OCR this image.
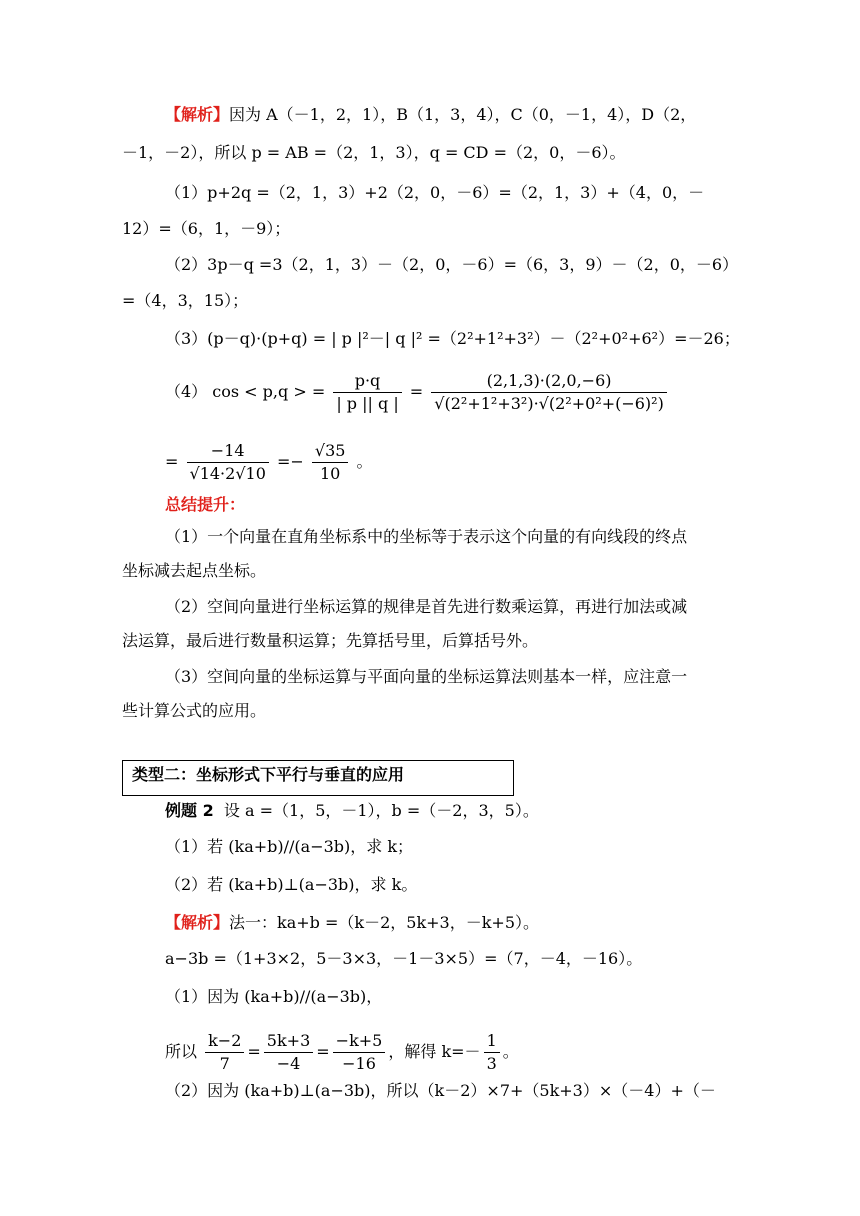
【解析】因为 A（－1，2，1），B（1，3，4），C（0，－1，4），D（2，
－1，－2），所以 p = AB =（2，1，3），q = CD =（2，0，－6）。
（1）p+2q =（2，1，3）+2（2，0，－6）=（2，1，3）+（4，0，－
12）=（6，1，－9）；
（2）3p－q =3（2，1，3）－（2，0，－6）=（6，3，9）－（2，0，－6）
=（4，3，15）；
（3）(p－q)·(p+q) = | p |²－| q |² =（2²+1²+3²）－（2²+0²+6²）=－26；
（4） cos < p,q > = $\frac{p\cdot q}{| p || q |} = \frac{(2,1,3)\cdot(2,0,-6)}{\text{√(2²+1²+3²)·√(2²+0²+(−6)²)}}$
= $\frac{-14}{√14\cdot 2√10} =- \frac{√35}{10}$ 。
总结提升：
（1）一个向量在直角坐标系中的坐标等于表示这个向量的有向线段的终点
坐标减去起点坐标。
（2）空间向量进行坐标运算的规律是首先进行数乘运算，再进行加法或减
法运算，最后进行数量积运算；先算括号里，后算括号外。
（3）空间向量的坐标运算与平面向量的坐标运算法则基本一样，应注意一
些计算公式的应用。
类型二：坐标形式下平行与垂直的应用
例题 2 设 a =（1，5，－1），b =（－2，3，5）。
（1）若 (ka+b)//(a−3b)，求 k；
（2）若 (ka+b)⊥(a−3b)，求 k。
【解析】法一：ka+b =（k－2，5k+3，－k+5）。
a−3b =（1+3×2，5－3×3，－1－3×5）=（7，－4，－16）。
（1）因为 (ka+b)//(a−3b)，
所以 $\frac{k-2}{7} = \frac{5k+3}{-4} = \frac{-k+5}{-16}$ ，解得 $k=- \frac{1}{3}$ 。
（2）因为 (ka+b)⊥(a−3b)，所以（k－2）×7+（5k+3）×（－4）+（－
